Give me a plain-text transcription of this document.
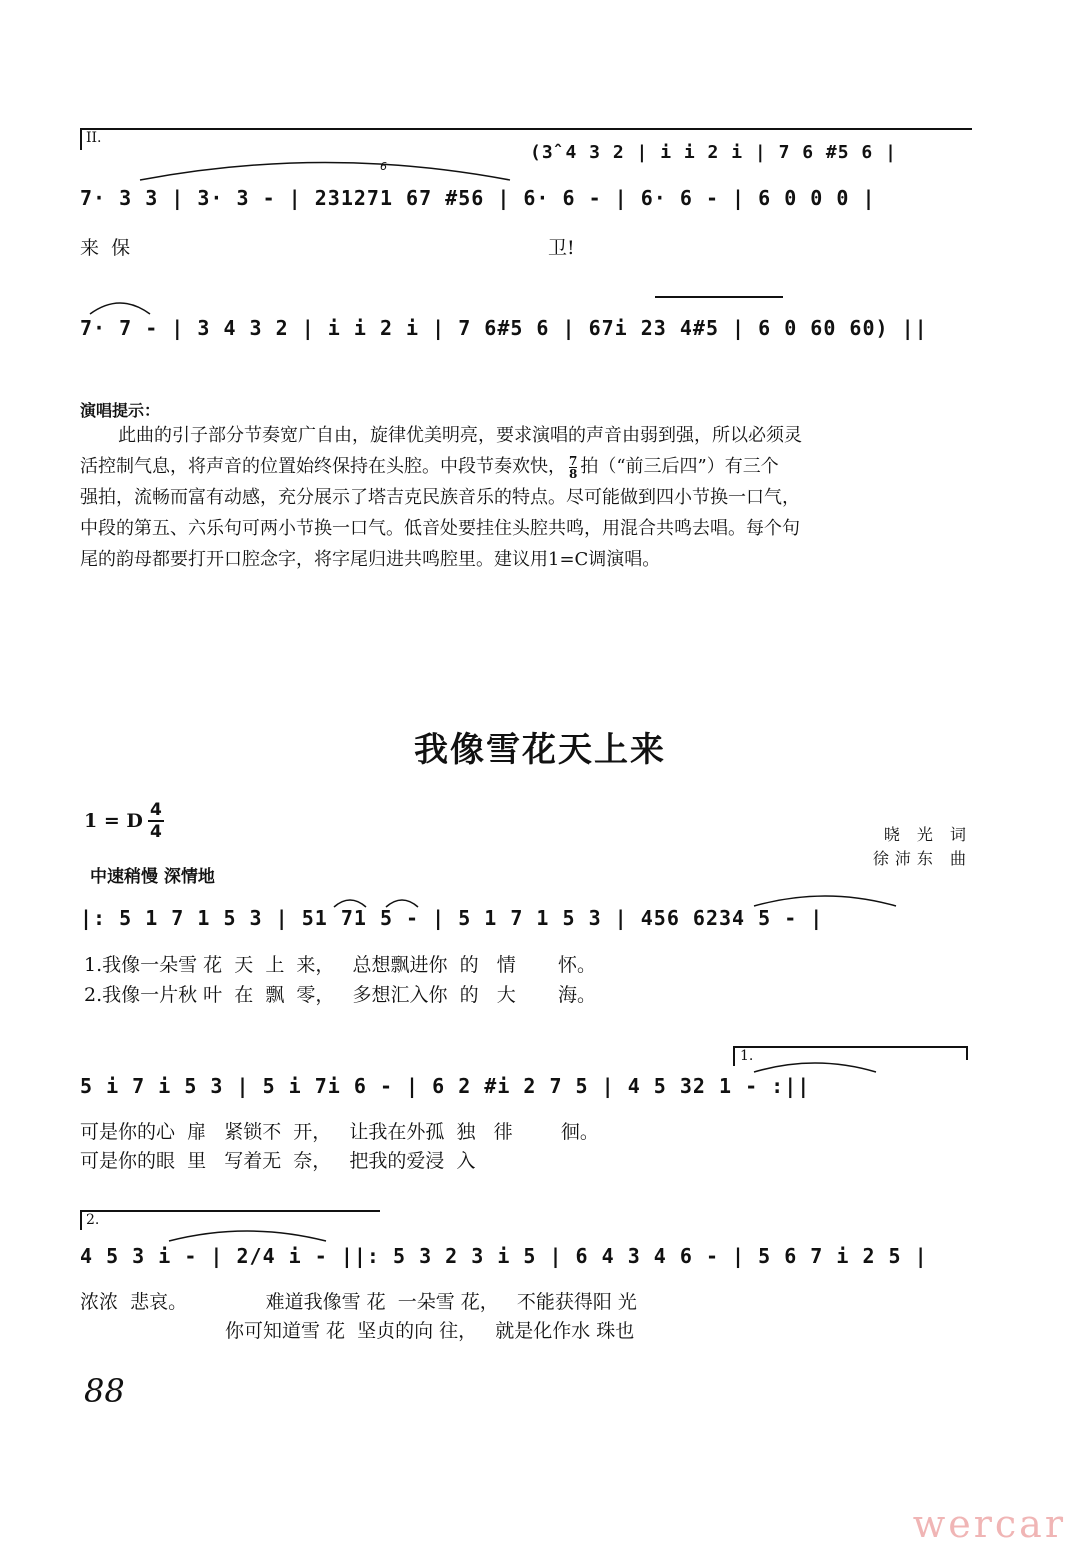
II.
(3̂ 4 3 2 | i i 2 i | 7 6 #5 6 |
6
7· 3 3 | 3· 3 - | 231271 67 #56 | 6· 6 - | 6· 6 - | 6 0 0 0 |
来  保	卫!
7· 7 - | 3 4 3 2 | i i 2 i | 7 6#5 6 | 67i 23 4#5 | 6 0 60 60) ||
演唱提示：
此曲的引子部分节奏宽广自由，旋律优美明亮，要求演唱的声音由弱到强，所以必须灵
活控制气息，将声音的位置始终保持在头腔。中段节奏欢快， $\frac{7}{8}$ 拍（“前三后四”）有三个
强拍，流畅而富有动感，充分展示了塔吉克民族音乐的特点。尽可能做到四小节换一口气，
中段的第五、六乐句可两小节换一口气。低音处要挂住头腔共鸣，用混合共鸣去唱。每个句
尾的韵母都要打开口腔念字，将字尾归进共鸣腔里。建议用1=C调演唱。
我像雪花天上来
1 = D $\frac{4}{4}$	晓 光 词
徐沛东 曲
中速稍慢 深情地
|: 5 1 7 1 5 3 | 51 71 5 - | 5 1 7 1 5 3 | 456 6234 5 - |
1.我像一朵雪 花  天  上  来，   总想飘进你  的   情       怀。
2.我像一片秋 叶  在  飘  零，   多想汇入你  的   大       海。
1.
5 i 7 i 5 3 | 5 i 7i 6 - | 6 2 #i 2 7 5 | 4 5 32 1 - :||
可是你的心  扉   紧锁不  开，   让我在外孤  独   徘        徊。
可是你的眼  里   写着无  奈，   把我的爱浸  入
2.
4 5 3 i - | 2/4 i - ||: 5 3 2 3 i 5 | 6 4 3 4 6 - | 5 6 7 i 2 5 |
浓浓  悲哀。             难道我像雪 花  一朵雪 花，   不能获得阳 光
你可知道雪 花  坚贞的向 往，   就是化作水 珠也
88
wercar
